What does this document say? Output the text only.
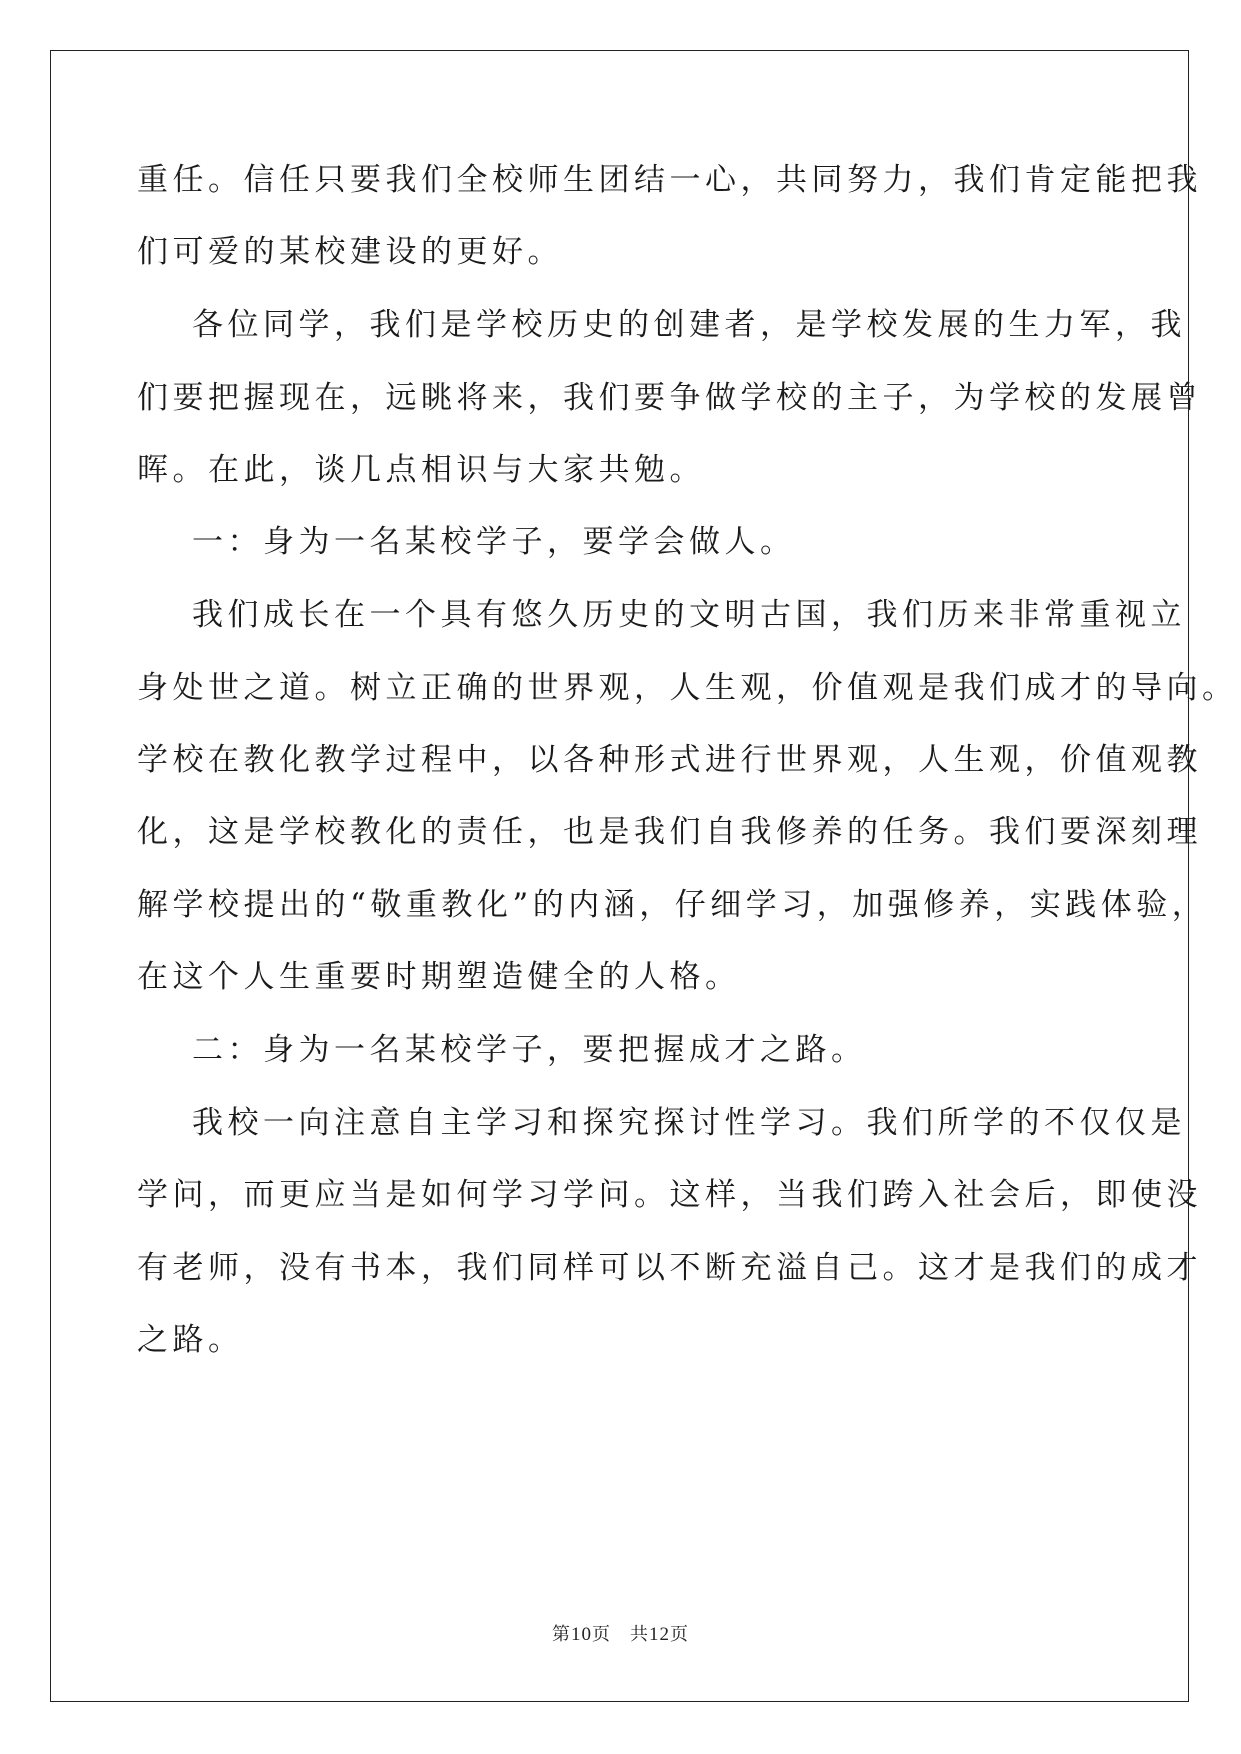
重任。信任只要我们全校师生团结一心，共同努力，我们肯定能把我
们可爱的某校建设的更好。
各位同学，我们是学校历史的创建者，是学校发展的生力军，我
们要把握现在，远眺将来，我们要争做学校的主子，为学校的发展曾
晖。在此，谈几点相识与大家共勉。
一：身为一名某校学子，要学会做人。
我们成长在一个具有悠久历史的文明古国，我们历来非常重视立
身处世之道。树立正确的世界观，人生观，价值观是我们成才的导向。
学校在教化教学过程中，以各种形式进行世界观，人生观，价值观教
化，这是学校教化的责任，也是我们自我修养的任务。我们要深刻理
解学校提出的“敬重教化”的内涵，仔细学习，加强修养，实践体验，
在这个人生重要时期塑造健全的人格。
二：身为一名某校学子，要把握成才之路。
我校一向注意自主学习和探究探讨性学习。我们所学的不仅仅是
学问，而更应当是如何学习学问。这样，当我们跨入社会后，即使没
有老师，没有书本，我们同样可以不断充溢自己。这才是我们的成才
之路。
第10页　共12页
